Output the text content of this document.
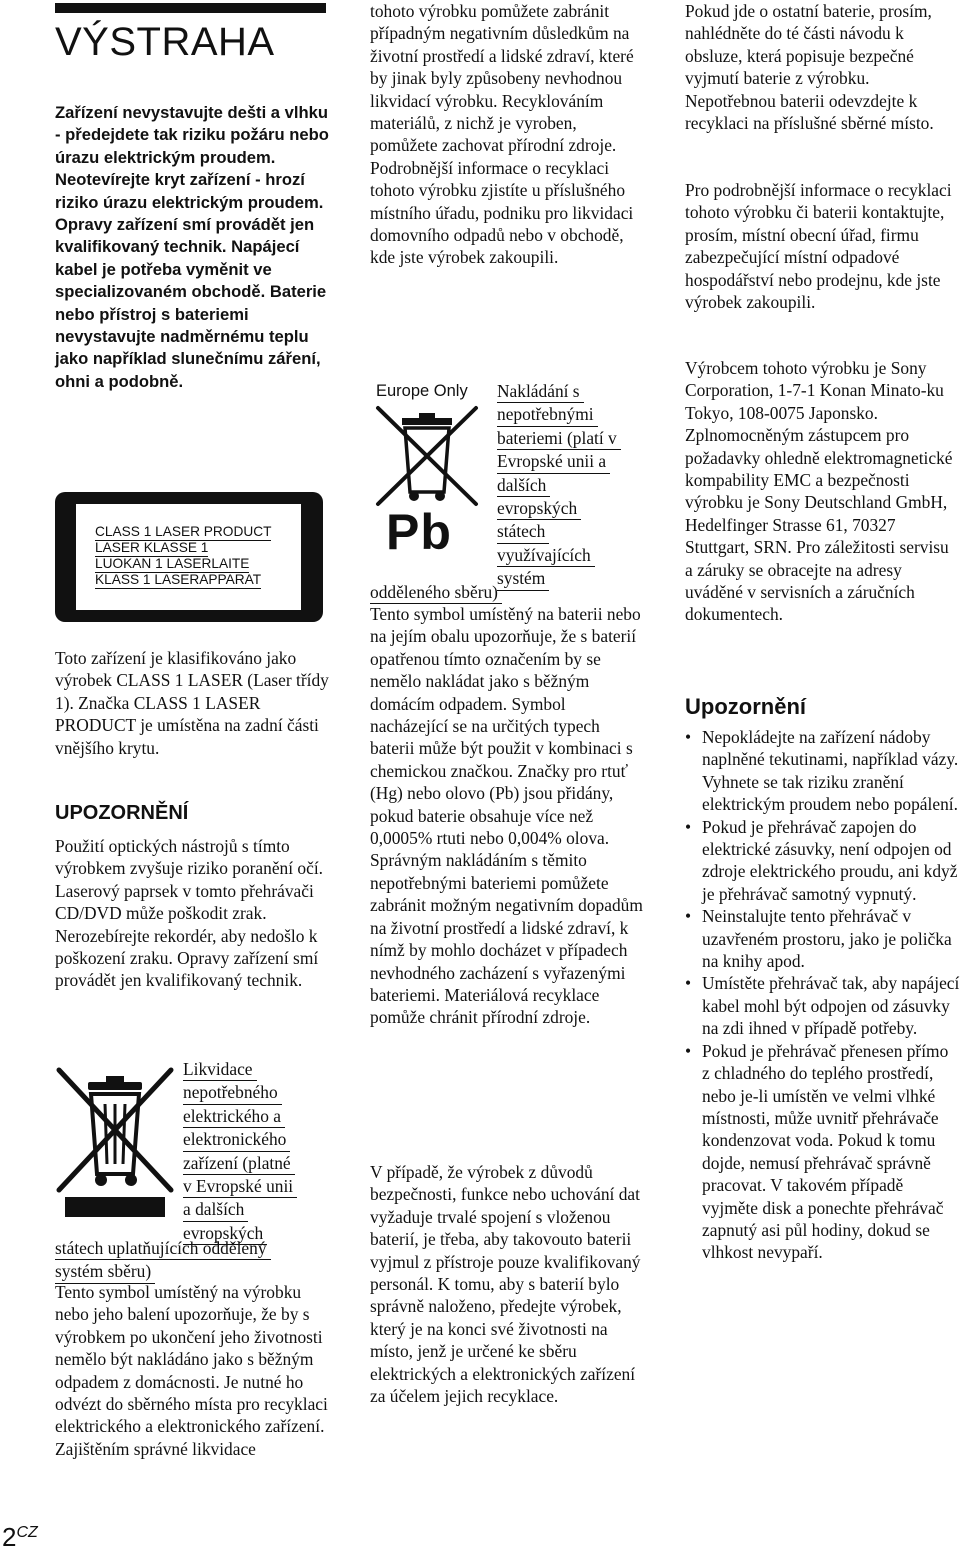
VÝSTRAHA

Zařízení nevystavujte dešti a vlhku - předejdete tak riziku požáru nebo úrazu elektrickým proudem. Neotevírejte kryt zařízení - hrozí riziko úrazu elektrickým proudem. Opravy zařízení smí provádět jen kvalifikovaný technik. Napájecí kabel je potřeba vyměnit ve specializovaném obchodě. Baterie nebo přístroj s bateriemi nevystavujte nadměrnému teplu jako například slunečnímu záření, ohni a podobně.

CLASS 1 LASER PRODUCT
LASER KLASSE 1
LUOKAN 1 LASERLAITE
KLASS 1 LASERAPPARAT

Toto zařízení je klasifikováno jako výrobek CLASS 1 LASER (Laser třídy 1). Značka CLASS 1 LASER PRODUCT je umístěna na zadní části vnějšího krytu.

UPOZORNĚNÍ

Použití optických nástrojů s tímto výrobkem zvyšuje riziko poranění očí. Laserový paprsek v tomto přehrávači CD/DVD může poškodit zrak. Nerozebírejte rekordér, aby nedošlo k poškození zraku. Opravy zařízení smí provádět jen kvalifikovaný technik.

Likvidace
nepotřebného
elektrického a
elektronického
zařízení (platné
v Evropské unii
a dalších
evropských
státech uplatňujících oddělený
systém sběru)

Tento symbol umístěný na výrobku nebo jeho balení upozorňuje, že by s výrobkem po ukončení jeho životnosti nemělo být nakládáno jako s běžným odpadem z domácnosti. Je nutné ho odvézt do sběrného místa pro recyklaci elektrického a elektronického zařízení. Zajištěním správné likvidace

tohoto výrobku pomůžete zabránit případným negativním důsledkům na životní prostředí a lidské zdraví, které by jinak byly způsobeny nevhodnou likvidací výrobku. Recyklováním materiálů, z nichž je vyroben, pomůžete zachovat přírodní zdroje. Podrobnější informace o recyklaci tohoto výrobku zjistíte u příslušného místního úřadu, podniku pro likvidaci domovního odpadů nebo v obchodě, kde jste výrobek zakoupili.

Europe Only
Pb
Nakládání s
nepotřebnými
bateriemi (platí v
Evropské unii a
dalších
evropských
státech
využívajících
systém
odděleného sběru)

Tento symbol umístěný na baterii nebo na jejím obalu upozorňuje, že s baterií opatřenou tímto označením by se nemělo nakládat jako s běžným domácím odpadem. Symbol nacházející se na určitých typech baterii může být použit v kombinaci s chemickou značkou. Značky pro rtuť (Hg) nebo olovo (Pb) jsou přidány, pokud baterie obsahuje více než 0,0005% rtuti nebo 0,004% olova. Správným nakládáním s těmito nepotřebnými bateriemi pomůžete zabránit možným negativním dopadům na životní prostředí a lidské zdraví, k nímž by mohlo docházet v případech nevhodného zacházení s vyřazenými bateriemi. Materiálová recyklace pomůže chránit přírodní zdroje.

V případě, že výrobek z důvodů bezpečnosti, funkce nebo uchování dat vyžaduje trvalé spojení s vloženou baterií, je třeba, aby takovouto baterii vyjmul z přístroje pouze kvalifikovaný personál. K tomu, aby s baterií bylo správně naloženo, předejte výrobek, který je na konci své životnosti na místo, jenž je určené ke sběru elektrických a elektronických zařízení za účelem jejich recyklace.

Pokud jde o ostatní baterie, prosím, nahlédněte do té části návodu k obsluze, která popisuje bezpečné vyjmutí baterie z výrobku. Nepotřebnou baterii odevzdejte k recyklaci na příslušné sběrné místo.

Pro podrobnější informace o recyklaci tohoto výrobku či baterii kontaktujte, prosím, místní obecní úřad, firmu zabezpečující místní odpadové hospodářství nebo prodejnu, kde jste výrobek zakoupili.

Výrobcem tohoto výrobku je Sony Corporation, 1-7-1 Konan Minato-ku Tokyo, 108-0075 Japonsko. Zplnomocněným zástupcem pro požadavky ohledně elektromagnetické kompability EMC a bezpečnosti výrobku je Sony Deutschland GmbH, Hedelfinger Strasse 61, 70327 Stuttgart, SRN. Pro záležitosti servisu a záruky se obracejte na adresy uváděné v servisních a záručních dokumentech.

Upozornění
• Nepokládejte na zařízení nádoby naplněné tekutinami, například vázy. Vyhnete se tak riziku zranění elektrickým proudem nebo popálení.
• Pokud je přehrávač zapojen do elektrické zásuvky, není odpojen od zdroje elektrického proudu, ani když je přehrávač samotný vypnutý.
• Neinstalujte tento přehrávač v uzavřeném prostoru, jako je polička na knihy apod.
• Umístěte přehrávač tak, aby napájecí kabel mohl být odpojen od zásuvky na zdi ihned v případě potřeby.
• Pokud je přehrávač přenesen přímo z chladného do teplého prostředí, nebo je-li umístěn ve velmi vlhké místnosti, může uvnitř přehrávače kondenzovat voda. Pokud k tomu dojde, nemusí přehrávač správně pracovat. V takovém případě vyjměte disk a ponechte přehrávač zapnutý asi půl hodiny, dokud se vlhkost nevypaří.
$2^{CZ}$
